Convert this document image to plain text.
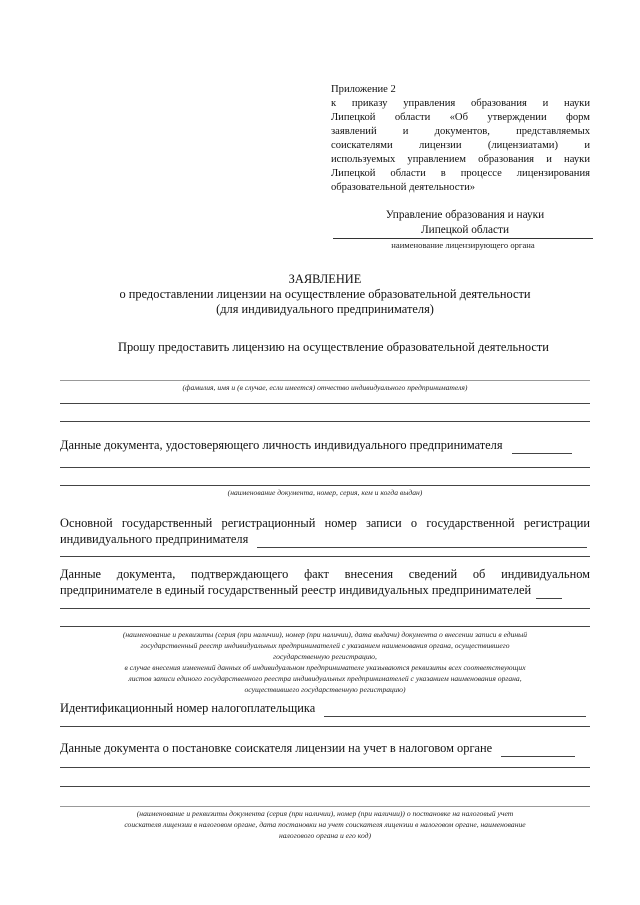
Приложение 2
к приказу управления образования и науки
Липецкой области «Об утверждении форм
заявлений и документов, представляемых
соискателями лицензии (лицензиатами) и
используемых управлением образования и науки
Липецкой области в процессе лицензирования
образовательной деятельности»
Управление образования и науки
Липецкой области
наименование лицензирующего органа
ЗАЯВЛЕНИЕ
о предоставлении лицензии на осуществление образовательной деятельности
(для индивидуального предпринимателя)
Прошу предоставить лицензию на осуществление образовательной деятельности
(фамилия, имя и (в случае, если имеется) отчество индивидуального предпринимателя)
Данные документа, удостоверяющего личность индивидуального предпринимателя
(наименование документа, номер, серия, кем и когда выдан)
Основной государственный регистрационный номер записи о государственной регистрации
индивидуального предпринимателя
Данные документа, подтверждающего факт внесения сведений об индивидуальном
предпринимателе в единый государственный реестр индивидуальных предпринимателей
(наименование и реквизиты (серия (при наличии), номер (при наличии), дата выдачи) документа о внесении записи в единый
государственный реестр индивидуальных предпринимателей с указанием наименования органа, осуществившего
государственную регистрацию,
в случае внесения изменений данных об индивидуальном предпринимателе указываются реквизиты всех соответствующих
листов записи единого государственного реестра индивидуальных предпринимателей с указанием наименования органа,
осуществившего государственную регистрацию)
Идентификационный номер налогоплательщика
Данные документа о постановке соискателя лицензии на учет в налоговом органе
(наименование и реквизиты документа (серия (при наличии), номер (при наличии)) о постановке на налоговый учет
соискателя лицензии в налоговом органе, дата постановки на учет соискателя лицензии в налоговом органе, наименование
налогового органа и его код)
